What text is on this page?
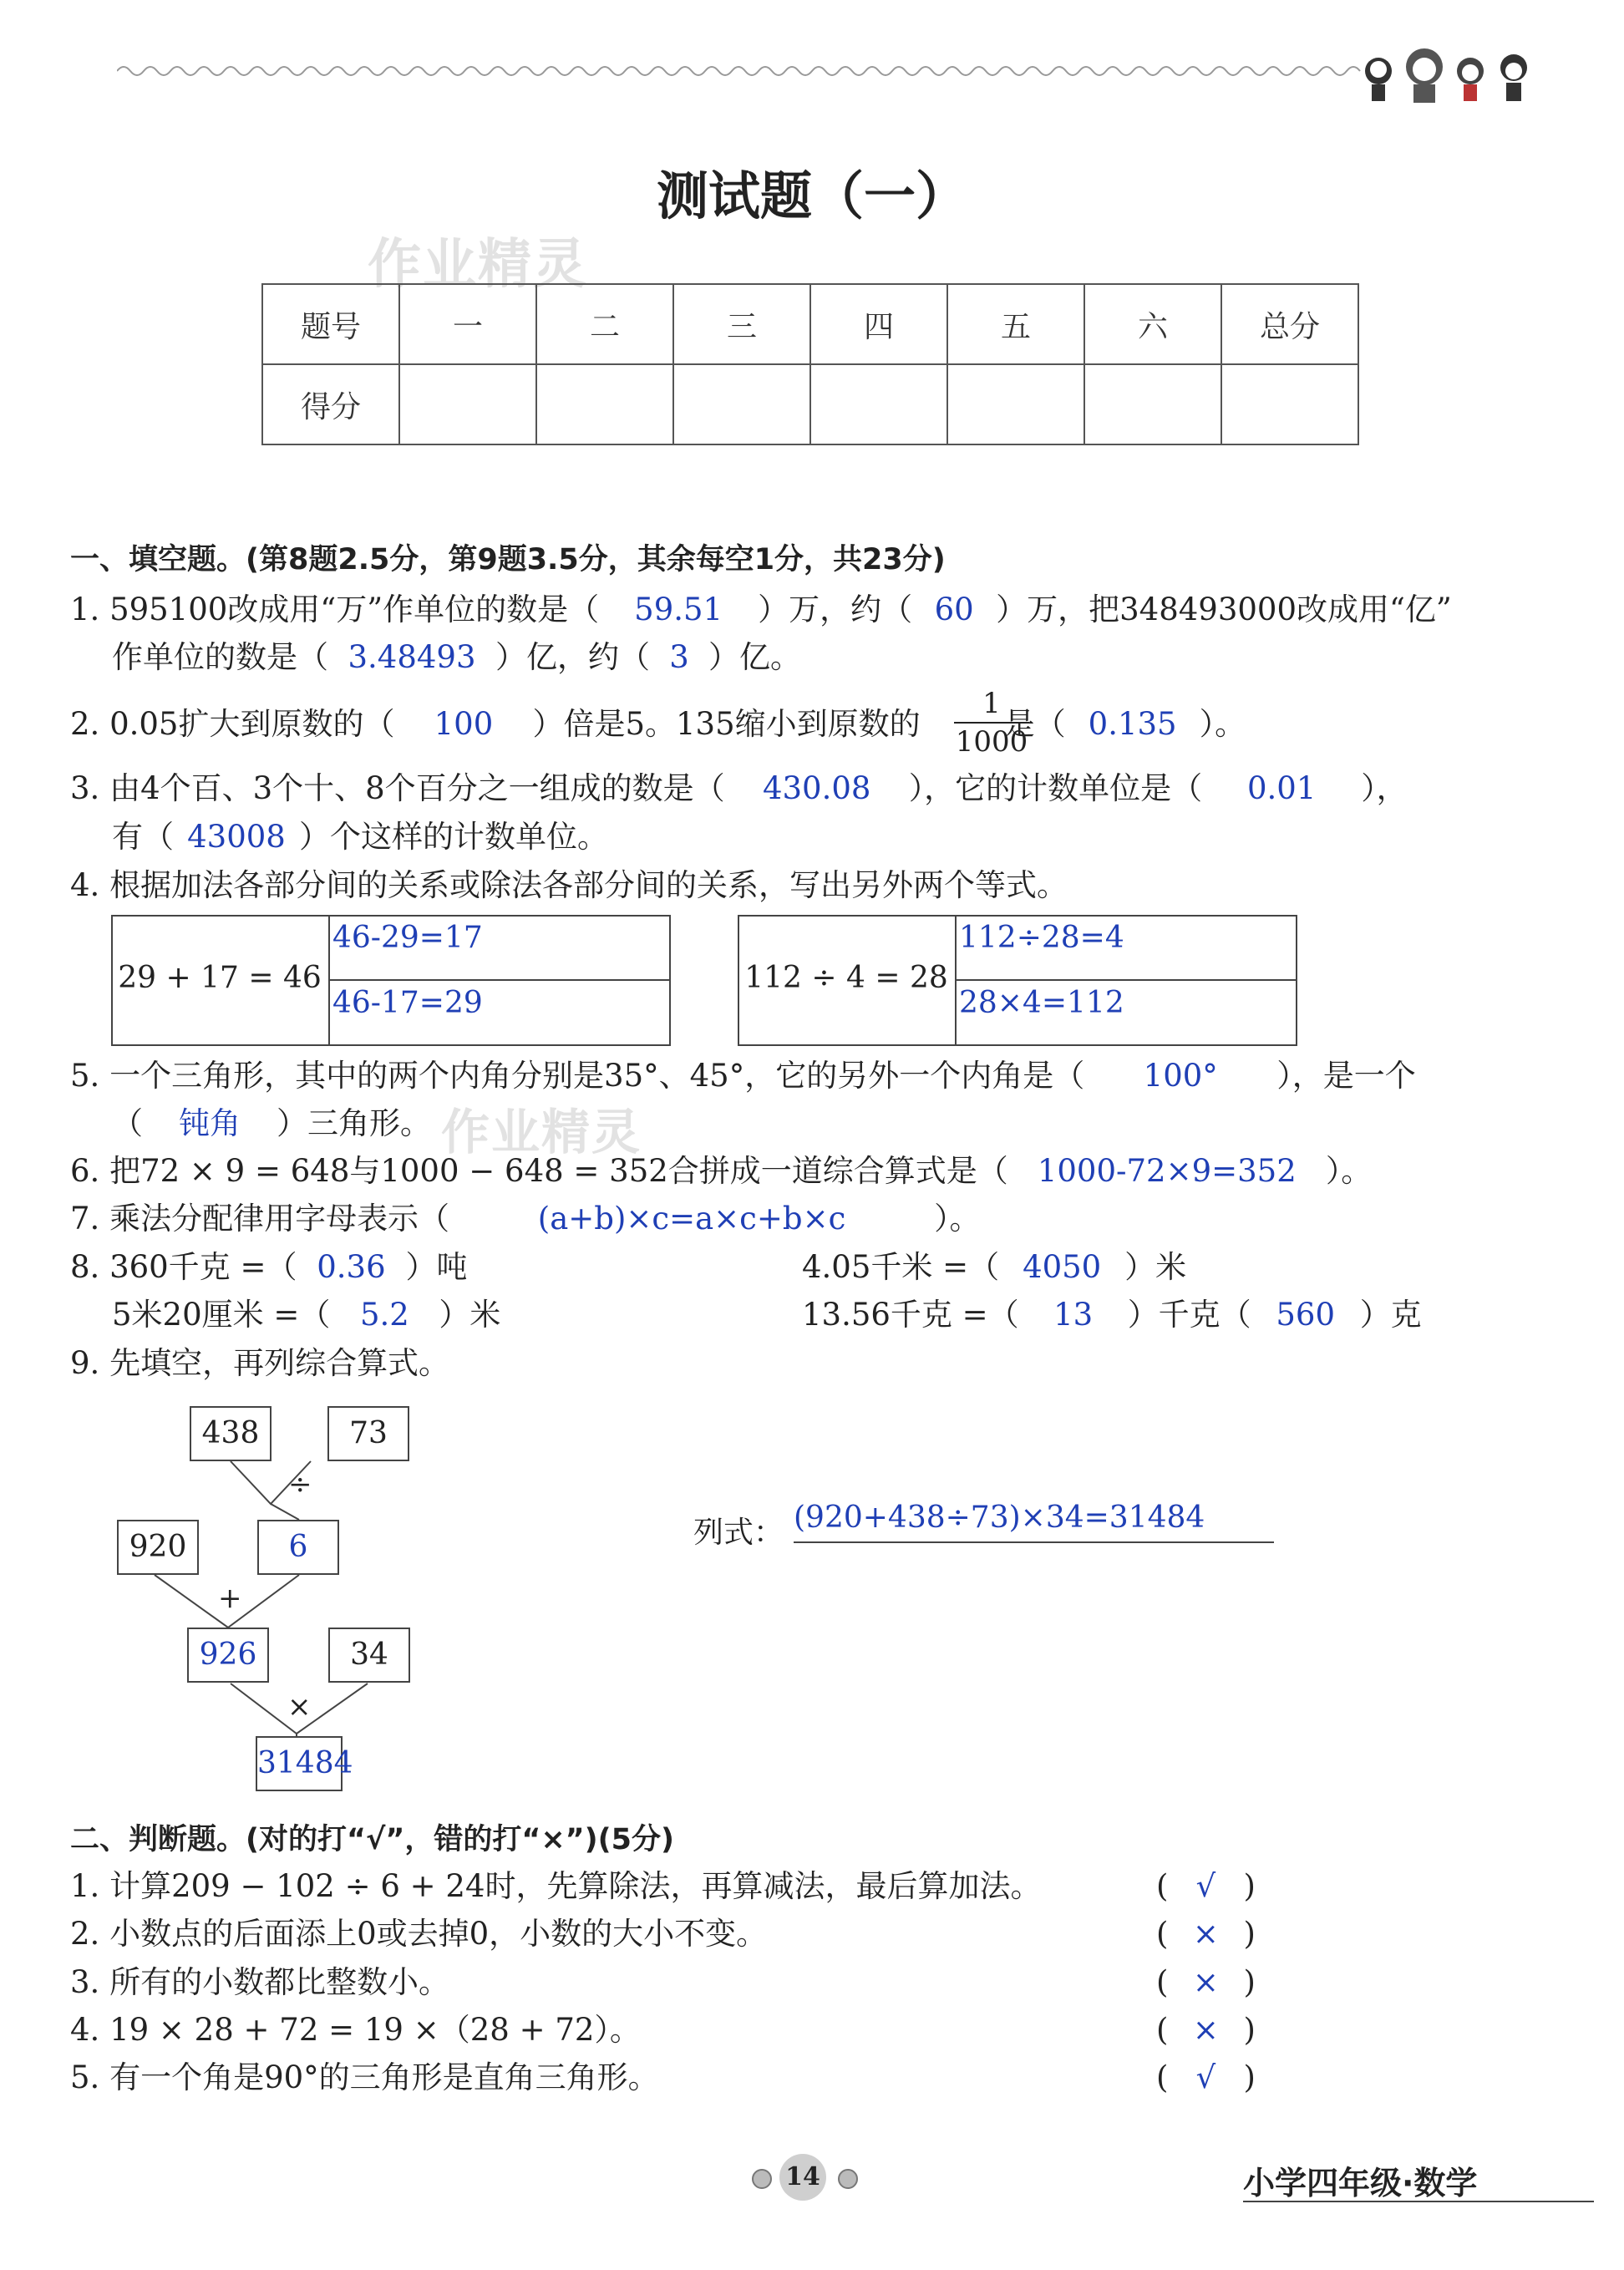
测试题（一）
作业精灵
题号	一	二	三	四	五	六	总分
得分							
一、填空题。(第8题2.5分，第9题3.5分，其余每空1分，共23分)
1. 595100改成用“万”作单位的数是（ 59.51 ）万，约（ 60 ）万，把348493000改成用“亿”
作单位的数是（ 3.48493 ）亿，约（ 3 ）亿。
2. 0.05扩大到原数的（ 100 ）倍是5。135缩小到原数的	是（ 0.135 ）。
$\frac{1}{1000}$
3. 由4个百、3个十、8个百分之一组成的数是（ 430.08 ），它的计数单位是（ 0.01 ），
有（ 43008 ）个这样的计数单位。
4. 根据加法各部分间的关系或除法各部分间的关系，写出另外两个等式。
29 + 17 = 46
46-29=17
46-17=29
112 ÷ 4 = 28
112÷28=4
28×4=112
5. 一个三角形，其中的两个内角分别是35°、45°，它的另外一个内角是（ 100° ），是一个
（ 钝角 ）三角形。 作业精灵
6. 把72 × 9 = 648与1000 − 648 = 352合拼成一道综合算式是（ 1000-72×9=352 ）。
7. 乘法分配律用字母表示（	(a+b)×c=a×c+b×c	）。
8. 360千克 =（ 0.36 ）吨	4.05千米 =（ 4050 ）米
5米20厘米 =（ 5.2 ）米	13.56千克 =（ 13 ）千克（ 560 ）克
9. 先填空，再列综合算式。
438	73
÷
920	6
+
926	34
×
31484
列式： (920+438÷73)×34=31484
二、判断题。(对的打“√”，错的打“×”)(5分)
1. 计算209 − 102 ÷ 6 + 24时，先算除法，再算减法，最后算加法。	( √ )
2. 小数点的后面添上0或去掉0，小数的大小不变。	( × )
3. 所有的小数都比整数小。	( × )
4. 19 × 28 + 72 = 19 ×（28 + 72）。	( × )
5. 有一个角是90°的三角形是直角三角形。	( √ )
14	小学四年级·数学
